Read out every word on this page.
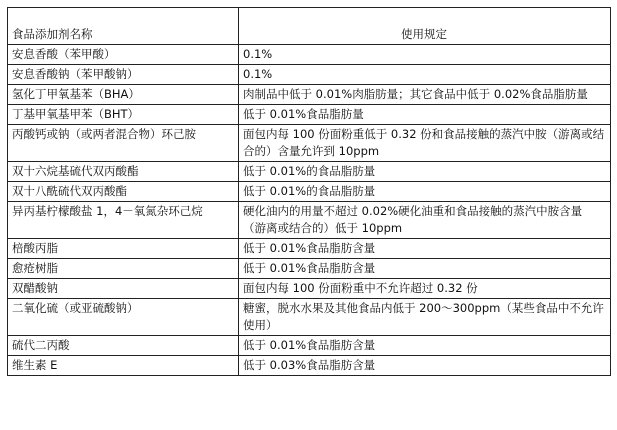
食品添加剂名称	使用规定
安息香酸（苯甲酸）	0.1%
安息香酸钠（苯甲酸钠）	0.1%
氢化丁甲氧基苯（BHA）	肉制品中低于 0.01%肉脂肪量；其它食品中低于 0.02%食品脂肪量
丁基甲氧基甲苯（BHT）	低于 0.01%食品脂肪量
丙酸钙或钠（或两者混合物）环己胺	面包内每 100 份面粉重低于 0.32 份和食品接触的蒸汽中胺（游离或结合的）含量允许到 10ppm
双十六烷基硫代双丙酸酯	低于 0.01%的食品脂肪量
双十八酰硫代双丙酸酯	低于 0.01%的食品脂肪量
异丙基柠檬酸盐 1，4－氧氮杂环己烷	硬化油内的用量不超过 0.02%硬化油重和食品接触的蒸汽中胺含量（游离或结合的）低于 10ppm
棓酸丙脂	低于 0.01%食品脂肪含量
愈疮树脂	低于 0.01%食品脂肪含量
双醋酸钠	面包内每 100 份面粉重中不允许超过 0.32 份
二氧化硫（或亚硫酸钠）	糖蜜，脱水水果及其他食品内低于 200～300ppm（某些食品中不允许使用）
硫代二丙酸	低于 0.01%食品脂肪含量
维生素 E	低于 0.03%食品脂肪含量
